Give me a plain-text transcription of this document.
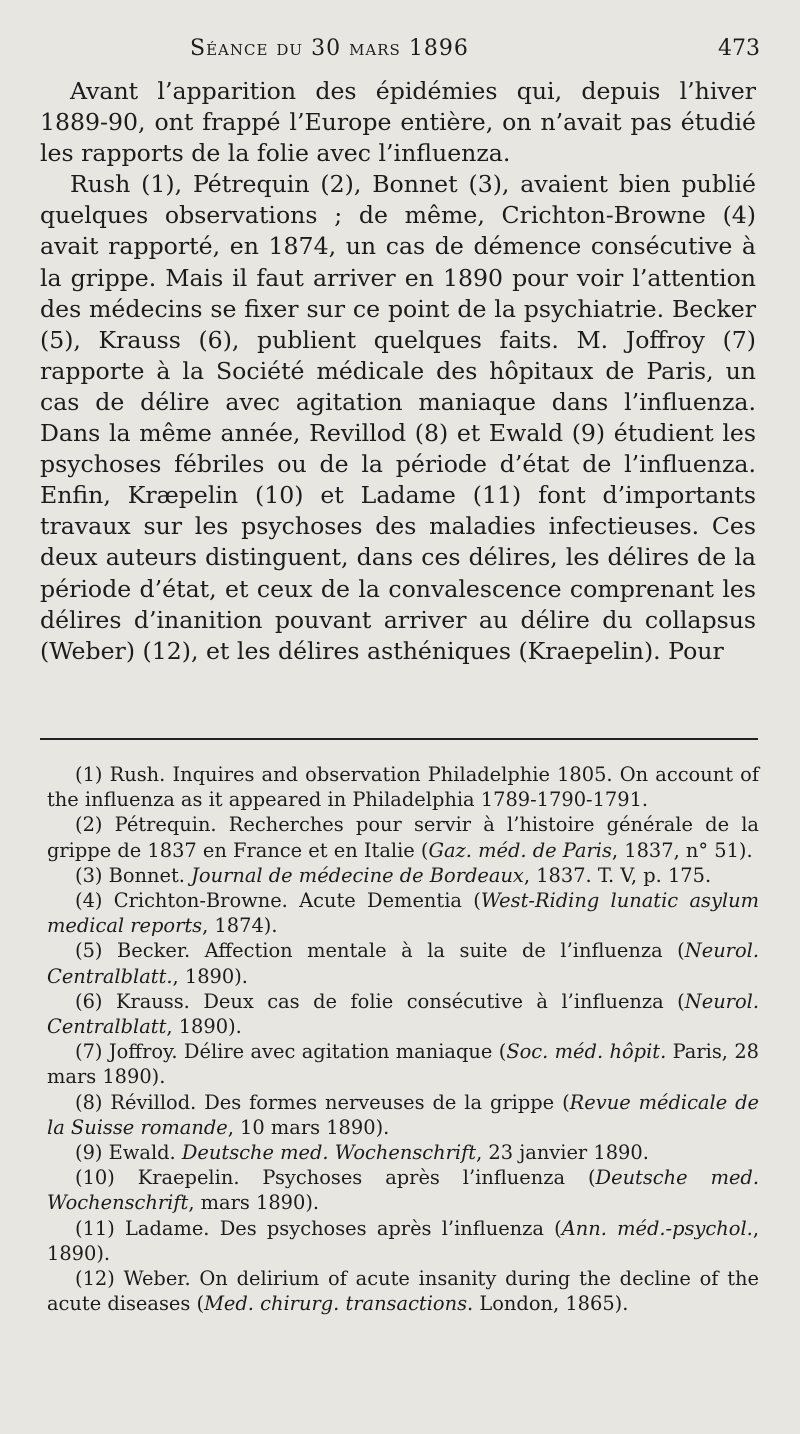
Séance du 30 mars 1896	473

Avant l’apparition des épidémies qui, depuis l’hiver 1889-90, ont frappé l’Europe entière, on n’avait pas étudié les rapports de la folie avec l’influenza.

Rush (1), Pétrequin (2), Bonnet (3), avaient bien publié quelques observations ; de même, Crichton-Browne (4) avait rapporté, en 1874, un cas de démence consécutive à la grippe. Mais il faut arriver en 1890 pour voir l’attention des médecins se fixer sur ce point de la psychiatrie. Becker (5), Krauss (6), publient quelques faits. M. Joffroy (7) rapporte à la Société médicale des hôpitaux de Paris, un cas de délire avec agitation maniaque dans l’influenza. Dans la même année, Revillod (8) et Ewald (9) étudient les psychoses fébriles ou de la période d’état de l’influenza. Enfin, Kræpelin (10) et Ladame (11) font d’importants travaux sur les psychoses des maladies infectieuses. Ces deux auteurs distinguent, dans ces délires, les délires de la période d’état, et ceux de la convalescence comprenant les délires d’inanition pouvant arriver au délire du collapsus (Weber) (12), et les délires asthéniques (Kraepelin). Pour

(1) Rush. Inquires and observation Philadelphie 1805. On account of the influenza as it appeared in Philadelphia 1789-1790-1791.

(2) Pétrequin. Recherches pour servir à l’histoire générale de la grippe de 1837 en France et en Italie (Gaz. méd. de Paris, 1837, n° 51).

(3) Bonnet. Journal de médecine de Bordeaux, 1837. T. V, p. 175.

(4) Crichton-Browne. Acute Dementia (West-Riding lunatic asylum medical reports, 1874).

(5) Becker. Affection mentale à la suite de l’influenza (Neurol. Centralblatt., 1890).

(6) Krauss. Deux cas de folie consécutive à l’influenza (Neurol. Centralblatt, 1890).

(7) Joffroy. Délire avec agitation maniaque (Soc. méd. hôpit. Paris, 28 mars 1890).

(8) Révillod. Des formes nerveuses de la grippe (Revue médicale de la Suisse romande, 10 mars 1890).

(9) Ewald. Deutsche med. Wochenschrift, 23 janvier 1890.

(10) Kraepelin. Psychoses après l’influenza (Deutsche med. Wochenschrift, mars 1890).

(11) Ladame. Des psychoses après l’influenza (Ann. méd.-psychol., 1890).

(12) Weber. On delirium of acute insanity during the decline of the acute diseases (Med. chirurg. transactions. London, 1865).
